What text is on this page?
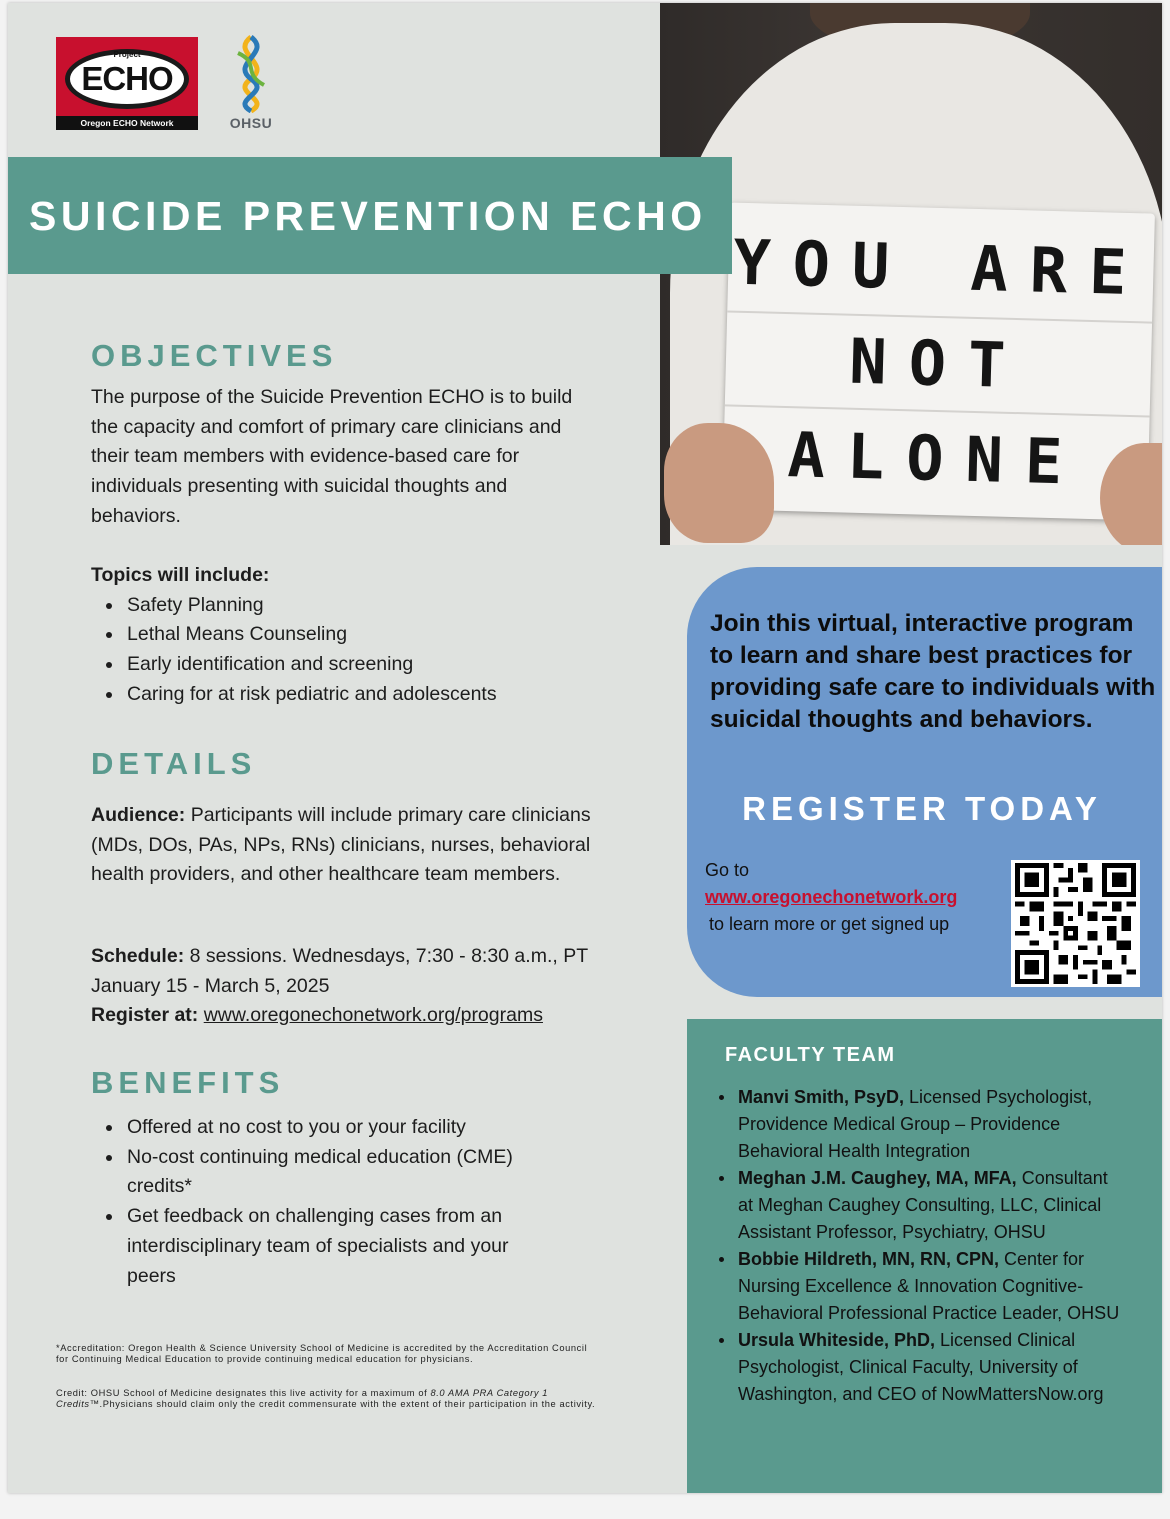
Project
ECHO
Oregon ECHO Network	OHSU
YOU ARE
NOT
ALONE
SUICIDE PREVENTION ECHO
OBJECTIVES

The purpose of the Suicide Prevention ECHO is to build the capacity and comfort of primary care clinicians and their team members with evidence-based care for individuals presenting with suicidal thoughts and behaviors.

Topics will include:
Safety Planning
Lethal Means Counseling
Early identification and screening
Caring for at risk pediatric and adolescents
DETAILS

Audience: Participants will include primary care clinicians (MDs, DOs, PAs, NPs, RNs) clinicians, nurses, behavioral health providers, and other healthcare team members.

Schedule: 8 sessions. Wednesdays, 7:30 - 8:30 a.m., PT January 15 - March 5, 2025
Register at: www.oregonechonetwork.org/programs
BENEFITS
Offered at no cost to you or your facility
No-cost continuing medical education (CME) credits*
Get feedback on challenging cases from an interdisciplinary team of specialists and your peers

*Accreditation: Oregon Health & Science University School of Medicine is accredited by the Accreditation Council for Continuing Medical Education to provide continuing medical education for physicians.

Credit: OHSU School of Medicine designates this live activity for a maximum of 8.0 AMA PRA Category 1 Credits™.Physicians should claim only the credit commensurate with the extent of their participation in the activity.

Join this virtual, interactive program to learn and share best practices for providing safe care to individuals with suicidal thoughts and behaviors.

REGISTER TODAY
Go to
www.oregonechonetwork.org
to learn more or get signed up
FACULTY TEAM
Manvi Smith, PsyD, Licensed Psychologist, Providence Medical Group – Providence Behavioral Health Integration
Meghan J.M. Caughey, MA, MFA, Consultant at Meghan Caughey Consulting, LLC, Clinical Assistant Professor, Psychiatry, OHSU
Bobbie Hildreth, MN, RN, CPN, Center for Nursing Excellence & Innovation Cognitive-Behavioral Professional Practice Leader, OHSU
Ursula Whiteside, PhD, Licensed Clinical Psychologist, Clinical Faculty, University of Washington, and CEO of NowMattersNow.org
